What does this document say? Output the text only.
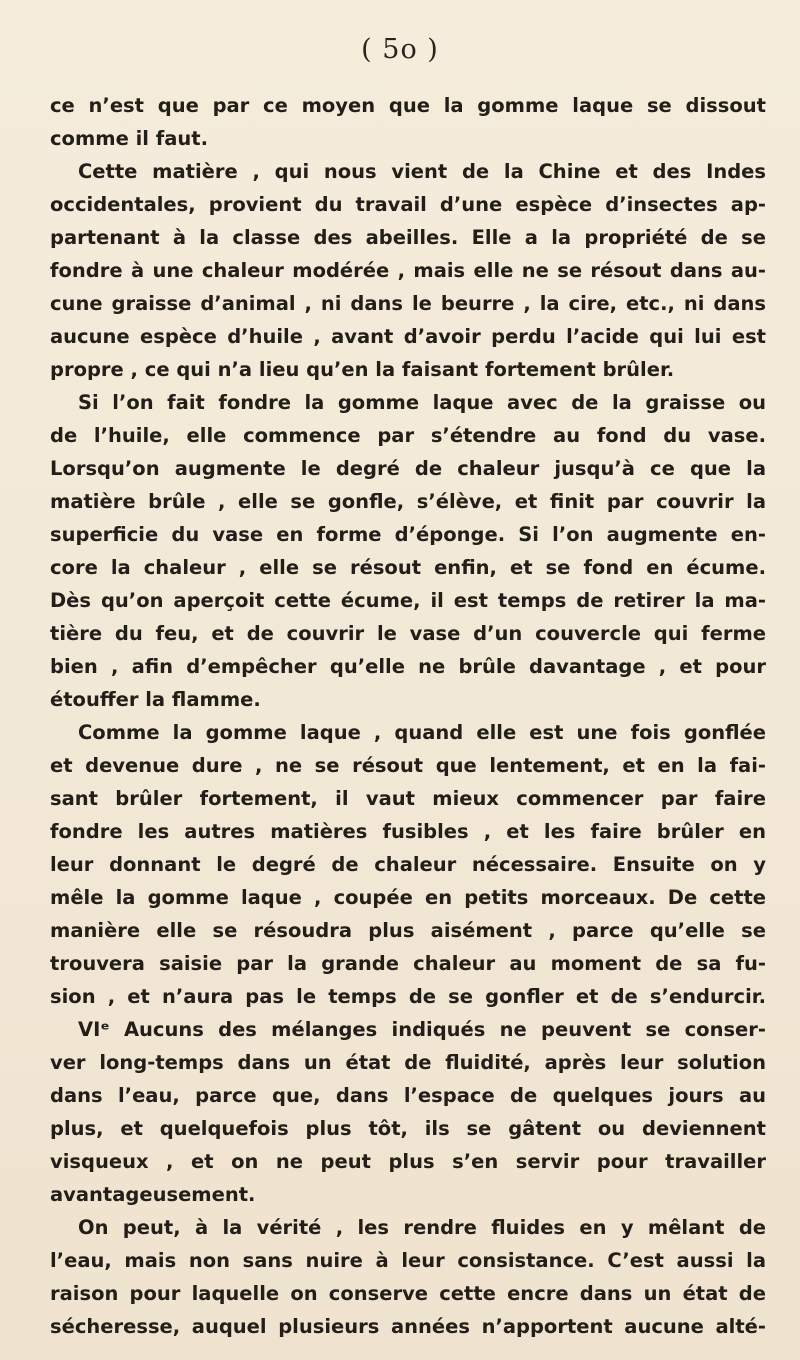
( 5o )
ce n’est que par ce moyen que la gomme laque se dissout
comme il faut.
Cette matière , qui nous vient de la Chine et des Indes
occidentales, provient du travail d’une espèce d’insectes ap-
partenant à la classe des abeilles. Elle a la propriété de se
fondre à une chaleur modérée , mais elle ne se résout dans au-
cune graisse d’animal , ni dans le beurre , la cire, etc., ni dans
aucune espèce d’huile , avant d’avoir perdu l’acide qui lui est
propre , ce qui n’a lieu qu’en la faisant fortement brûler.
Si l’on fait fondre la gomme laque avec de la graisse ou
de l’huile, elle commence par s’étendre au fond du vase.
Lorsqu’on augmente le degré de chaleur jusqu’à ce que la
matière brûle , elle se gonfle, s’élève, et finit par couvrir la
superficie du vase en forme d’éponge. Si l’on augmente en-
core la chaleur , elle se résout enfin, et se fond en écume.
Dès qu’on aperçoit cette écume, il est temps de retirer la ma-
tière du feu, et de couvrir le vase d’un couvercle qui ferme
bien , afin d’empêcher qu’elle ne brûle davantage , et pour
étouffer la flamme.
Comme la gomme laque , quand elle est une fois gonflée
et devenue dure , ne se résout que lentement, et en la fai-
sant brûler fortement, il vaut mieux commencer par faire
fondre les autres matières fusibles , et les faire brûler en
leur donnant le degré de chaleur nécessaire. Ensuite on y
mêle la gomme laque , coupée en petits morceaux. De cette
manière elle se résoudra plus aisément , parce qu’elle se
trouvera saisie par la grande chaleur au moment de sa fu-
sion , et n’aura pas le temps de se gonfler et de s’endurcir.
VIᵉ Aucuns des mélanges indiqués ne peuvent se conser-
ver long-temps dans un état de fluidité, après leur solution
dans l’eau, parce que, dans l’espace de quelques jours au
plus, et quelquefois plus tôt, ils se gâtent ou deviennent
visqueux , et on ne peut plus s’en servir pour travailler
avantageusement.
On peut, à la vérité , les rendre fluides en y mêlant de
l’eau, mais non sans nuire à leur consistance. C’est aussi la
raison pour laquelle on conserve cette encre dans un état de
sécheresse, auquel plusieurs années n’apportent aucune alté-
